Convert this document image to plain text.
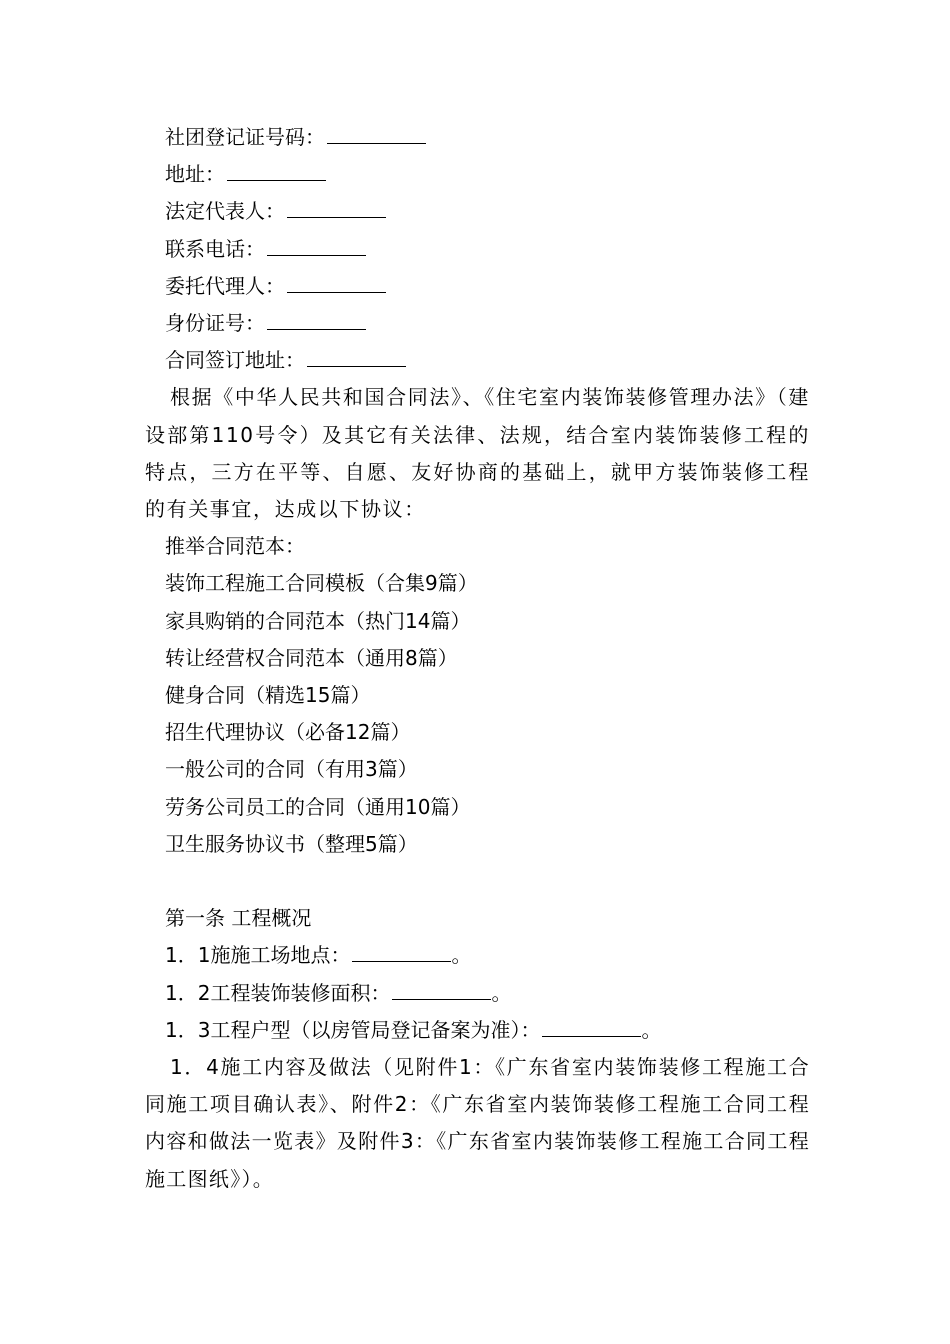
社团登记证号码：
地址：
法定代表人：
联系电话：
委托代理人：
身份证号：
合同签订地址：
根据《中华人民共和国合同法》、《住宅室内装饰装修管理办法》（建设部第110号令）及其它有关法律、法规，结合室内装饰装修工程的特点，三方在平等、自愿、友好协商的基础上，就甲方装饰装修工程的有关事宜，达成以下协议：
推举合同范本：
装饰工程施工合同模板（合集9篇）
家具购销的合同范本（热门14篇）
转让经营权合同范本（通用8篇）
健身合同（精选15篇）
招生代理协议（必备12篇）
一般公司的合同（有用3篇）
劳务公司员工的合同（通用10篇）
卫生服务协议书（整理5篇）
第一条 工程概况
1．1施施工场地点：	。
1．2工程装饰装修面积：	。
1．3工程户型（以房管局登记备案为准）：	。
1．4施工内容及做法（见附件1：《广东省室内装饰装修工程施工合同施工项目确认表》、附件2：《广东省室内装饰装修工程施工合同工程内容和做法一览表》及附件3：《广东省室内装饰装修工程施工合同工程施工图纸》）。
